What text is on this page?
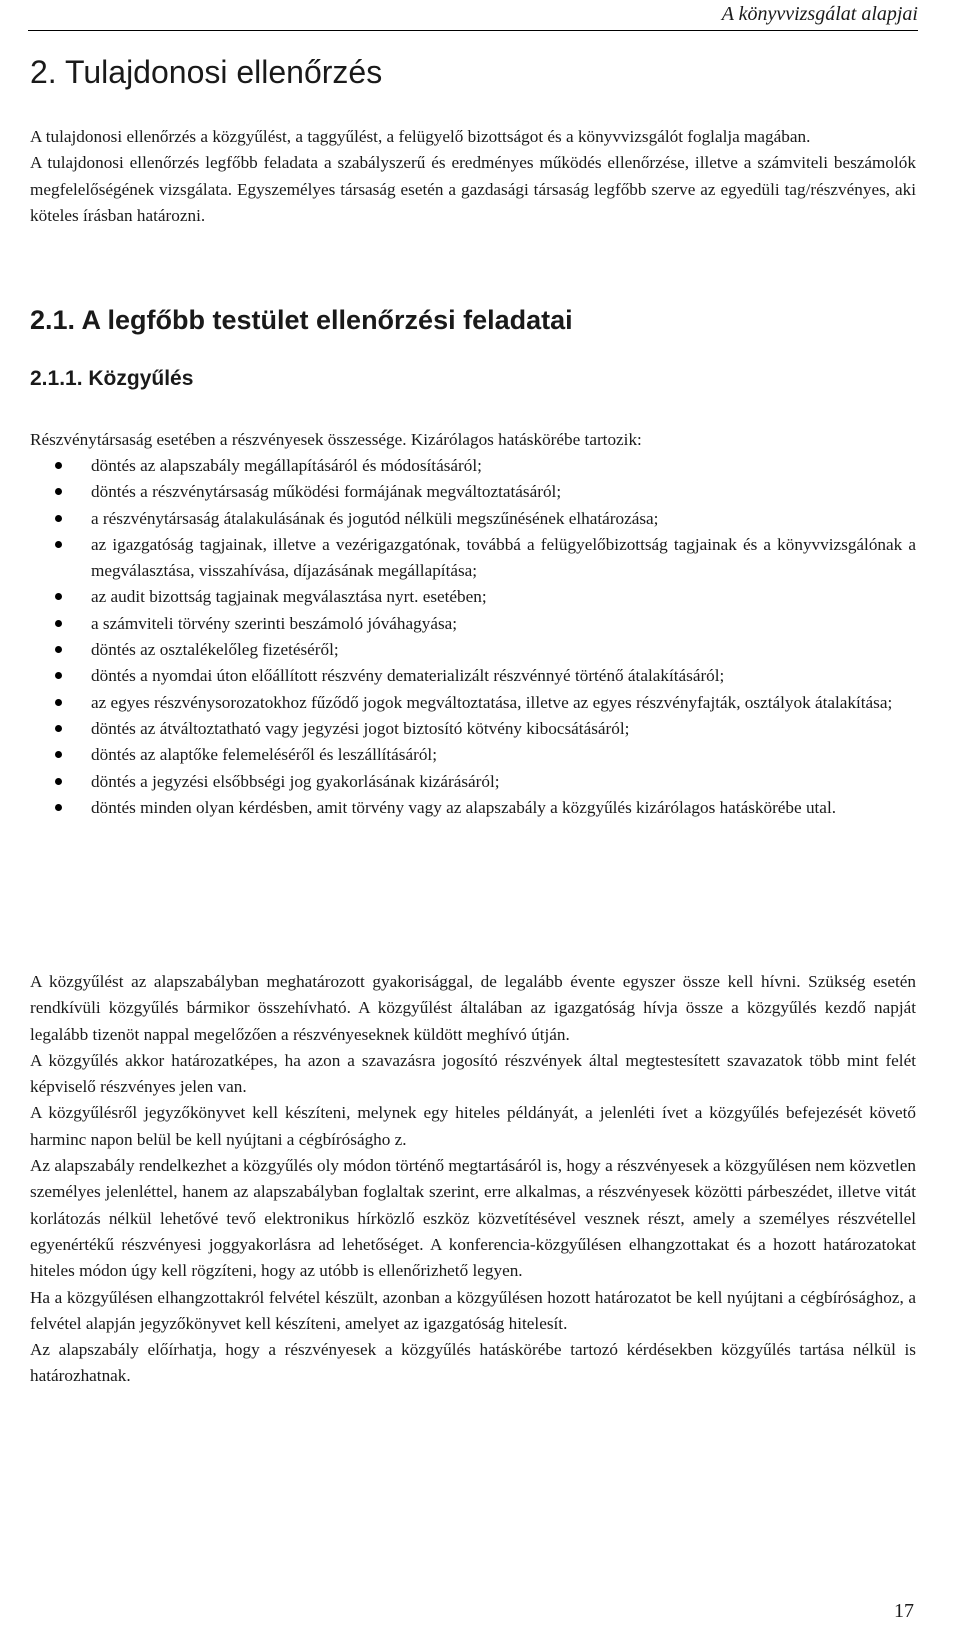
A könyvvizsgálat alapjai
2. Tulajdonosi ellenőrzés
A tulajdonosi ellenőrzés a közgyűlést, a taggyűlést, a felügyelő bizottságot és a könyvvizsgálót foglalja magában.
A tulajdonosi ellenőrzés legfőbb feladata a szabályszerű és eredményes működés ellenőrzése, illetve a számviteli beszámolók megfelelőségének vizsgálata. Egyszemélyes társaság esetén a gazdasági társaság legfőbb szerve az egyedüli tag/részvényes, aki köteles írásban határozni.
2.1. A legfőbb testület ellenőrzési feladatai
2.1.1. Közgyűlés
Részvénytársaság esetében a részvényesek összessége. Kizárólagos hatáskörébe tartozik:
döntés az alapszabály megállapításáról és módosításáról;
döntés a részvénytársaság működési formájának megváltoztatásáról;
a részvénytársaság átalakulásának és jogutód nélküli megszűnésének elhatározása;
az igazgatóság tagjainak, illetve a vezérigazgatónak, továbbá a felügyelőbizottság tagjainak és a könyvvizsgálónak a megválasztása, visszahívása, díjazásának megállapítása;
az audit bizottság tagjainak megválasztása nyrt. esetében;
a számviteli törvény szerinti beszámoló jóváhagyása;
döntés az osztalékelőleg fizetéséről;
döntés a nyomdai úton előállított részvény dematerializált részvénnyé történő átalakításáról;
az egyes részvénysorozatokhoz fűződő jogok megváltoztatása, illetve az egyes részvényfajták, osztályok átalakítása;
döntés az átváltoztatható vagy jegyzési jogot biztosító kötvény kibocsátásáról;
döntés az alaptőke felemeléséről és leszállításáról;
döntés a jegyzési elsőbbségi jog gyakorlásának kizárásáról;
döntés minden olyan kérdésben, amit törvény vagy az alapszabály a közgyűlés kizárólagos hatáskörébe utal.

A közgyűlést az alapszabályban meghatározott gyakorisággal, de legalább évente egyszer össze kell hívni. Szükség esetén rendkívüli közgyűlés bármikor összehívható. A közgyűlést általában az igazgatóság hívja össze a közgyűlés kezdő napját legalább tizenöt nappal megelőzően a részvényeseknek küldött meghívó útján.

A közgyűlés akkor határozatképes, ha azon a szavazásra jogosító részvények által megtestesített szavazatok több mint felét képviselő részvényes jelen van.

A közgyűlésről jegyzőkönyvet kell készíteni, melynek egy hiteles példányát, a jelenléti ívet a közgyűlés befejezését követő harminc napon belül be kell nyújtani a cégbíróságho z.

Az alapszabály rendelkezhet a közgyűlés oly módon történő megtartásáról is, hogy a részvényesek a közgyűlésen nem közvetlen személyes jelenléttel, hanem az alapszabályban foglaltak szerint, erre alkalmas, a részvényesek közötti párbeszédet, illetve vitát korlátozás nélkül lehetővé tevő elektronikus hírközlő eszköz közvetítésével vesznek részt, amely a személyes részvétellel egyenértékű részvényesi joggyakorlásra ad lehetőséget. A konferencia-közgyűlésen elhangzottakat és a hozott határozatokat hiteles módon úgy kell rögzíteni, hogy az utóbb is ellenőrizhető legyen.

Ha a közgyűlésen elhangzottakról felvétel készült, azonban a közgyűlésen hozott határozatot be kell nyújtani a cégbírósághoz, a felvétel alapján jegyzőkönyvet kell készíteni, amelyet az igazgatóság hitelesít.

Az alapszabály előírhatja, hogy a részvényesek a közgyűlés hatáskörébe tartozó kérdésekben közgyűlés tartása nélkül is határozhatnak.

17
